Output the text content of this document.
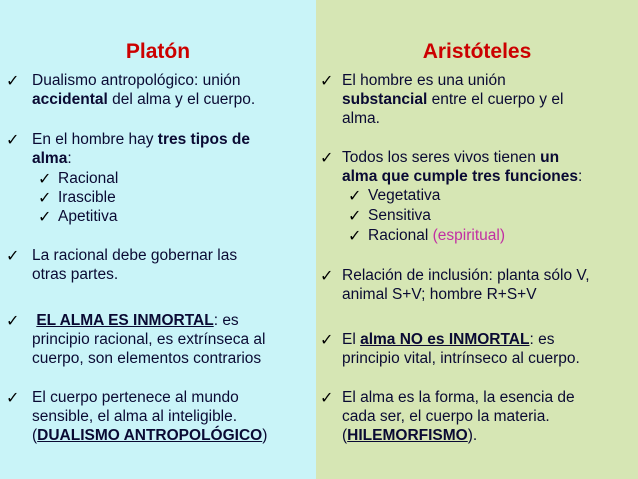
Platón
✓ Dualismo antropológico: unión
accidental del alma y el cuerpo.
✓ En el hombre hay tres tipos de
alma:
✓ Racional
✓ Irascible
✓ Apetitiva
✓ La racional debe gobernar las
otras partes.
✓ EL ALMA ES INMORTAL: es
principio racional, es extrínseca al
cuerpo, son elementos contrarios
✓ El cuerpo pertenece al mundo
sensible, el alma al inteligible.
(DUALISMO ANTROPOLÓGICO)
Aristóteles
✓ El hombre es una unión
substancial entre el cuerpo y el
alma.
✓ Todos los seres vivos tienen un
alma que cumple tres funciones:
✓ Vegetativa
✓ Sensitiva
✓ Racional (espiritual)
✓ Relación de inclusión: planta sólo V,
animal S+V; hombre R+S+V
✓ El alma NO es INMORTAL: es
principio vital, intrínseco al cuerpo.
✓ El alma es la forma, la esencia de
cada ser, el cuerpo la materia.
(HILEMORFISMO).
